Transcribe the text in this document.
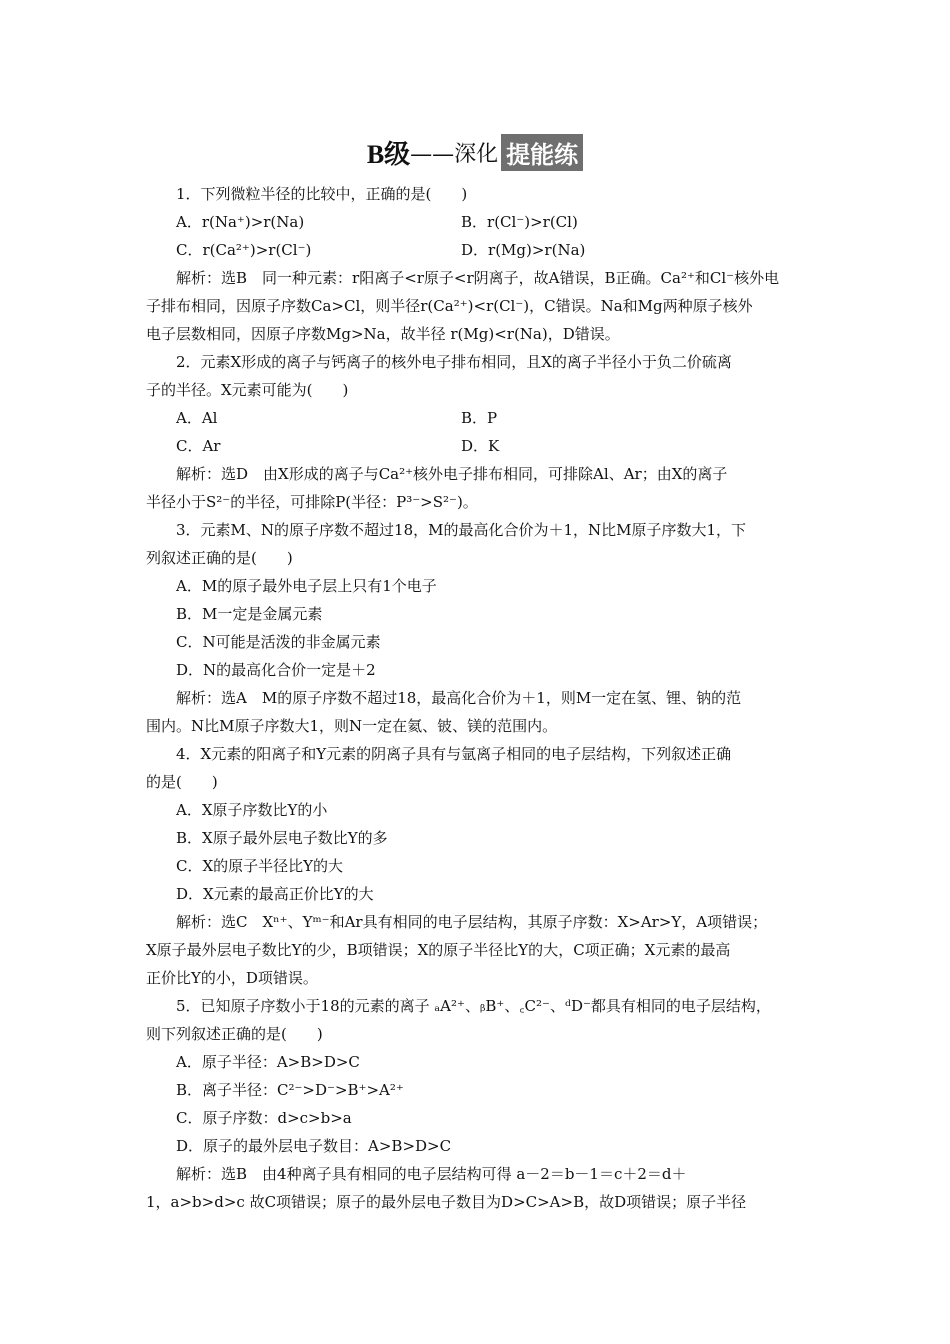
B级——深化 提能练
1．下列微粒半径的比较中，正确的是(　　)
A．r(Na⁺)>r(Na)	B．r(Cl⁻)>r(Cl)
C．r(Ca²⁺)>r(Cl⁻)	D．r(Mg)>r(Na)
解析：选B　同一种元素：r阳离子<r原子<r阴离子，故A错误，B正确。Ca²⁺和Cl⁻核外电
子排布相同，因原子序数Ca>Cl，则半径r(Ca²⁺)<r(Cl⁻)，C错误。Na和Mg两种原子核外
电子层数相同，因原子序数Mg>Na，故半径 r(Mg)<r(Na)，D错误。
2．元素X形成的离子与钙离子的核外电子排布相同，且X的离子半径小于负二价硫离
子的半径。X元素可能为(　　)
A．Al	B．P
C．Ar	D．K
解析：选D　由X形成的离子与Ca²⁺核外电子排布相同，可排除Al、Ar；由X的离子
半径小于S²⁻的半径，可排除P(半径：P³⁻>S²⁻)。
3．元素M、N的原子序数不超过18，M的最高化合价为＋1，N比M原子序数大1，下
列叙述正确的是(　　)
A．M的原子最外电子层上只有1个电子
B．M一定是金属元素
C．N可能是活泼的非金属元素
D．N的最高化合价一定是＋2
解析：选A　M的原子序数不超过18，最高化合价为＋1，则M一定在氢、锂、钠的范
围内。N比M原子序数大1，则N一定在氦、铍、镁的范围内。
4．X元素的阳离子和Y元素的阴离子具有与氩离子相同的电子层结构，下列叙述正确
的是(　　)
A．X原子序数比Y的小
B．X原子最外层电子数比Y的多
C．X的原子半径比Y的大
D．X元素的最高正价比Y的大
解析：选C　Xⁿ⁺、Yᵐ⁻和Ar具有相同的电子层结构，其原子序数：X>Ar>Y，A项错误；
X原子最外层电子数比Y的少，B项错误；X的原子半径比Y的大，C项正确；X元素的最高
正价比Y的小，D项错误。
5．已知原子序数小于18的元素的离子 ₐA²⁺、ᵦB⁺、꜀C²⁻、ᵈD⁻都具有相同的电子层结构，
则下列叙述正确的是(　　)
A．原子半径：A>B>D>C
B．离子半径：C²⁻>D⁻>B⁺>A²⁺
C．原子序数：d>c>b>a
D．原子的最外层电子数目：A>B>D>C
解析：选B　由4种离子具有相同的电子层结构可得 a－2＝b－1＝c＋2＝d＋
1，a>b>d>c 故C项错误；原子的最外层电子数目为D>C>A>B，故D项错误；原子半径
